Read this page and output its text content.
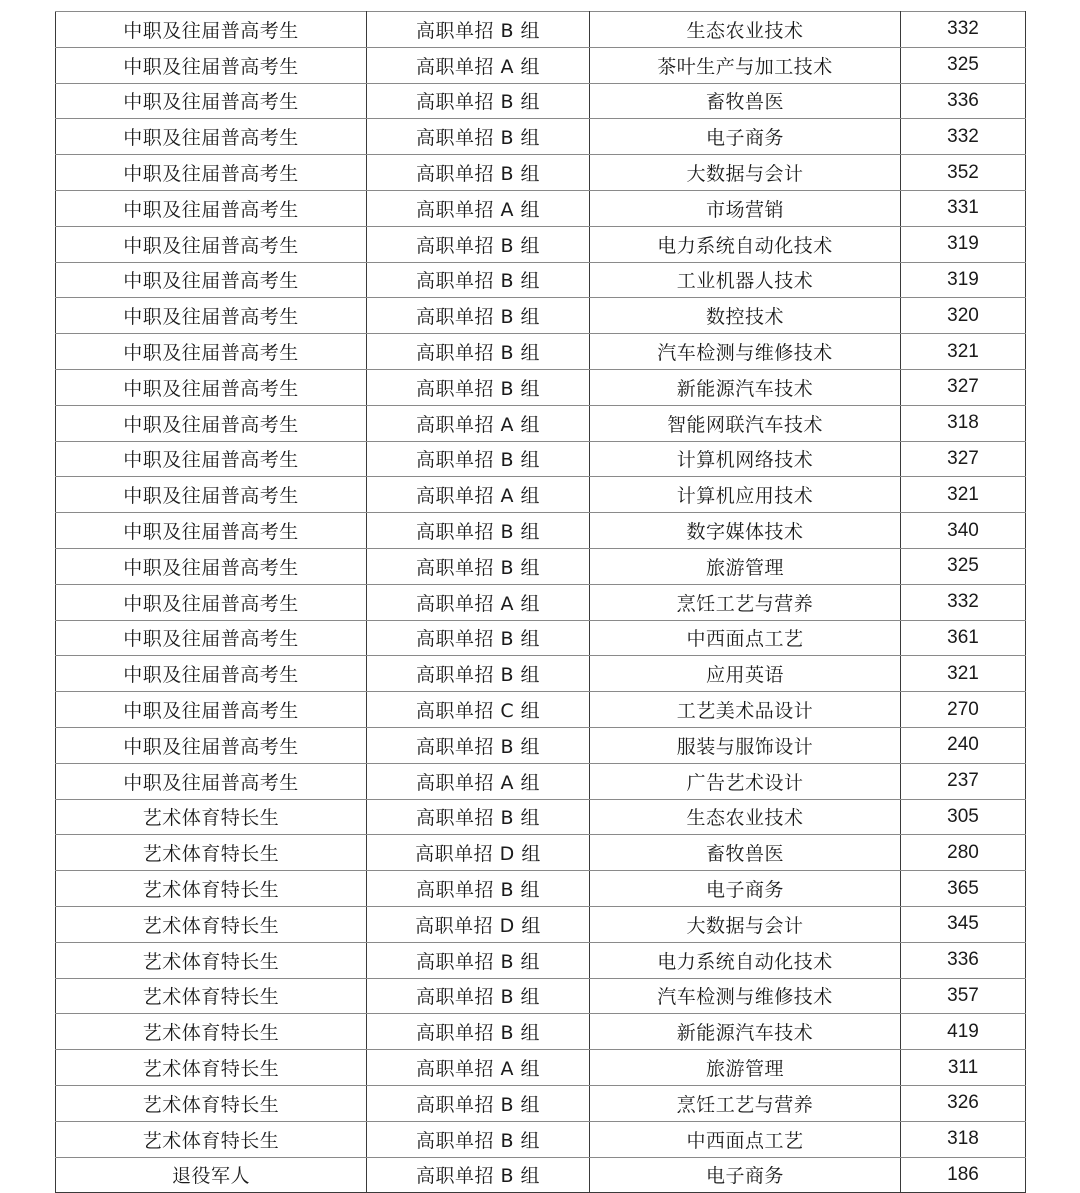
中职及往届普高考生	高职单招 B 组	生态农业技术	332
中职及往届普高考生	高职单招 A 组	茶叶生产与加工技术	325
中职及往届普高考生	高职单招 B 组	畜牧兽医	336
中职及往届普高考生	高职单招 B 组	电子商务	332
中职及往届普高考生	高职单招 B 组	大数据与会计	352
中职及往届普高考生	高职单招 A 组	市场营销	331
中职及往届普高考生	高职单招 B 组	电力系统自动化技术	319
中职及往届普高考生	高职单招 B 组	工业机器人技术	319
中职及往届普高考生	高职单招 B 组	数控技术	320
中职及往届普高考生	高职单招 B 组	汽车检测与维修技术	321
中职及往届普高考生	高职单招 B 组	新能源汽车技术	327
中职及往届普高考生	高职单招 A 组	智能网联汽车技术	318
中职及往届普高考生	高职单招 B 组	计算机网络技术	327
中职及往届普高考生	高职单招 A 组	计算机应用技术	321
中职及往届普高考生	高职单招 B 组	数字媒体技术	340
中职及往届普高考生	高职单招 B 组	旅游管理	325
中职及往届普高考生	高职单招 A 组	烹饪工艺与营养	332
中职及往届普高考生	高职单招 B 组	中西面点工艺	361
中职及往届普高考生	高职单招 B 组	应用英语	321
中职及往届普高考生	高职单招 C 组	工艺美术品设计	270
中职及往届普高考生	高职单招 B 组	服装与服饰设计	240
中职及往届普高考生	高职单招 A 组	广告艺术设计	237
艺术体育特长生	高职单招 B 组	生态农业技术	305
艺术体育特长生	高职单招 D 组	畜牧兽医	280
艺术体育特长生	高职单招 B 组	电子商务	365
艺术体育特长生	高职单招 D 组	大数据与会计	345
艺术体育特长生	高职单招 B 组	电力系统自动化技术	336
艺术体育特长生	高职单招 B 组	汽车检测与维修技术	357
艺术体育特长生	高职单招 B 组	新能源汽车技术	419
艺术体育特长生	高职单招 A 组	旅游管理	311
艺术体育特长生	高职单招 B 组	烹饪工艺与营养	326
艺术体育特长生	高职单招 B 组	中西面点工艺	318
退役军人	高职单招 B 组	电子商务	186
